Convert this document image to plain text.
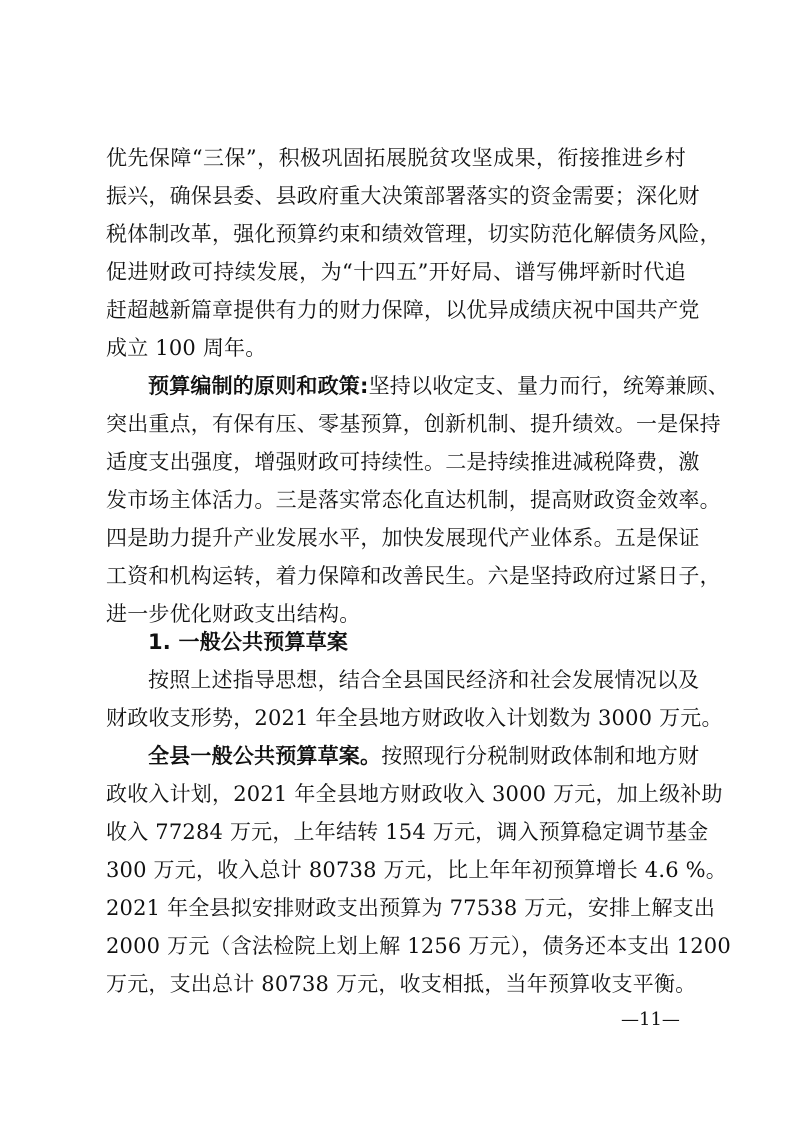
优先保障“三保”，积极巩固拓展脱贫攻坚成果，衔接推进乡村
振兴，确保县委、县政府重大决策部署落实的资金需要；深化财
税体制改革，强化预算约束和绩效管理，切实防范化解债务风险，
促进财政可持续发展，为“十四五”开好局、谱写佛坪新时代追
赶超越新篇章提供有力的财力保障，以优异成绩庆祝中国共产党
成立 100 周年。
预算编制的原则和政策:坚持以收定支、量力而行，统筹兼顾、
突出重点，有保有压、零基预算，创新机制、提升绩效。一是保持
适度支出强度，增强财政可持续性。二是持续推进减税降费，激
发市场主体活力。三是落实常态化直达机制，提高财政资金效率。
四是助力提升产业发展水平，加快发展现代产业体系。五是保证
工资和机构运转，着力保障和改善民生。六是坚持政府过紧日子，
进一步优化财政支出结构。
1. 一般公共预算草案
按照上述指导思想，结合全县国民经济和社会发展情况以及
财政收支形势，2021 年全县地方财政收入计划数为 3000 万元。
全县一般公共预算草案。按照现行分税制财政体制和地方财
政收入计划，2021 年全县地方财政收入 3000 万元，加上级补助
收入 77284 万元，上年结转 154 万元，调入预算稳定调节基金
300 万元，收入总计 80738 万元，比上年年初预算增长 4.6 %。
2021 年全县拟安排财政支出预算为 77538 万元，安排上解支出
2000 万元（含法检院上划上解 1256 万元），债务还本支出 1200
万元，支出总计 80738 万元，收支相抵，当年预算收支平衡。
—11—
